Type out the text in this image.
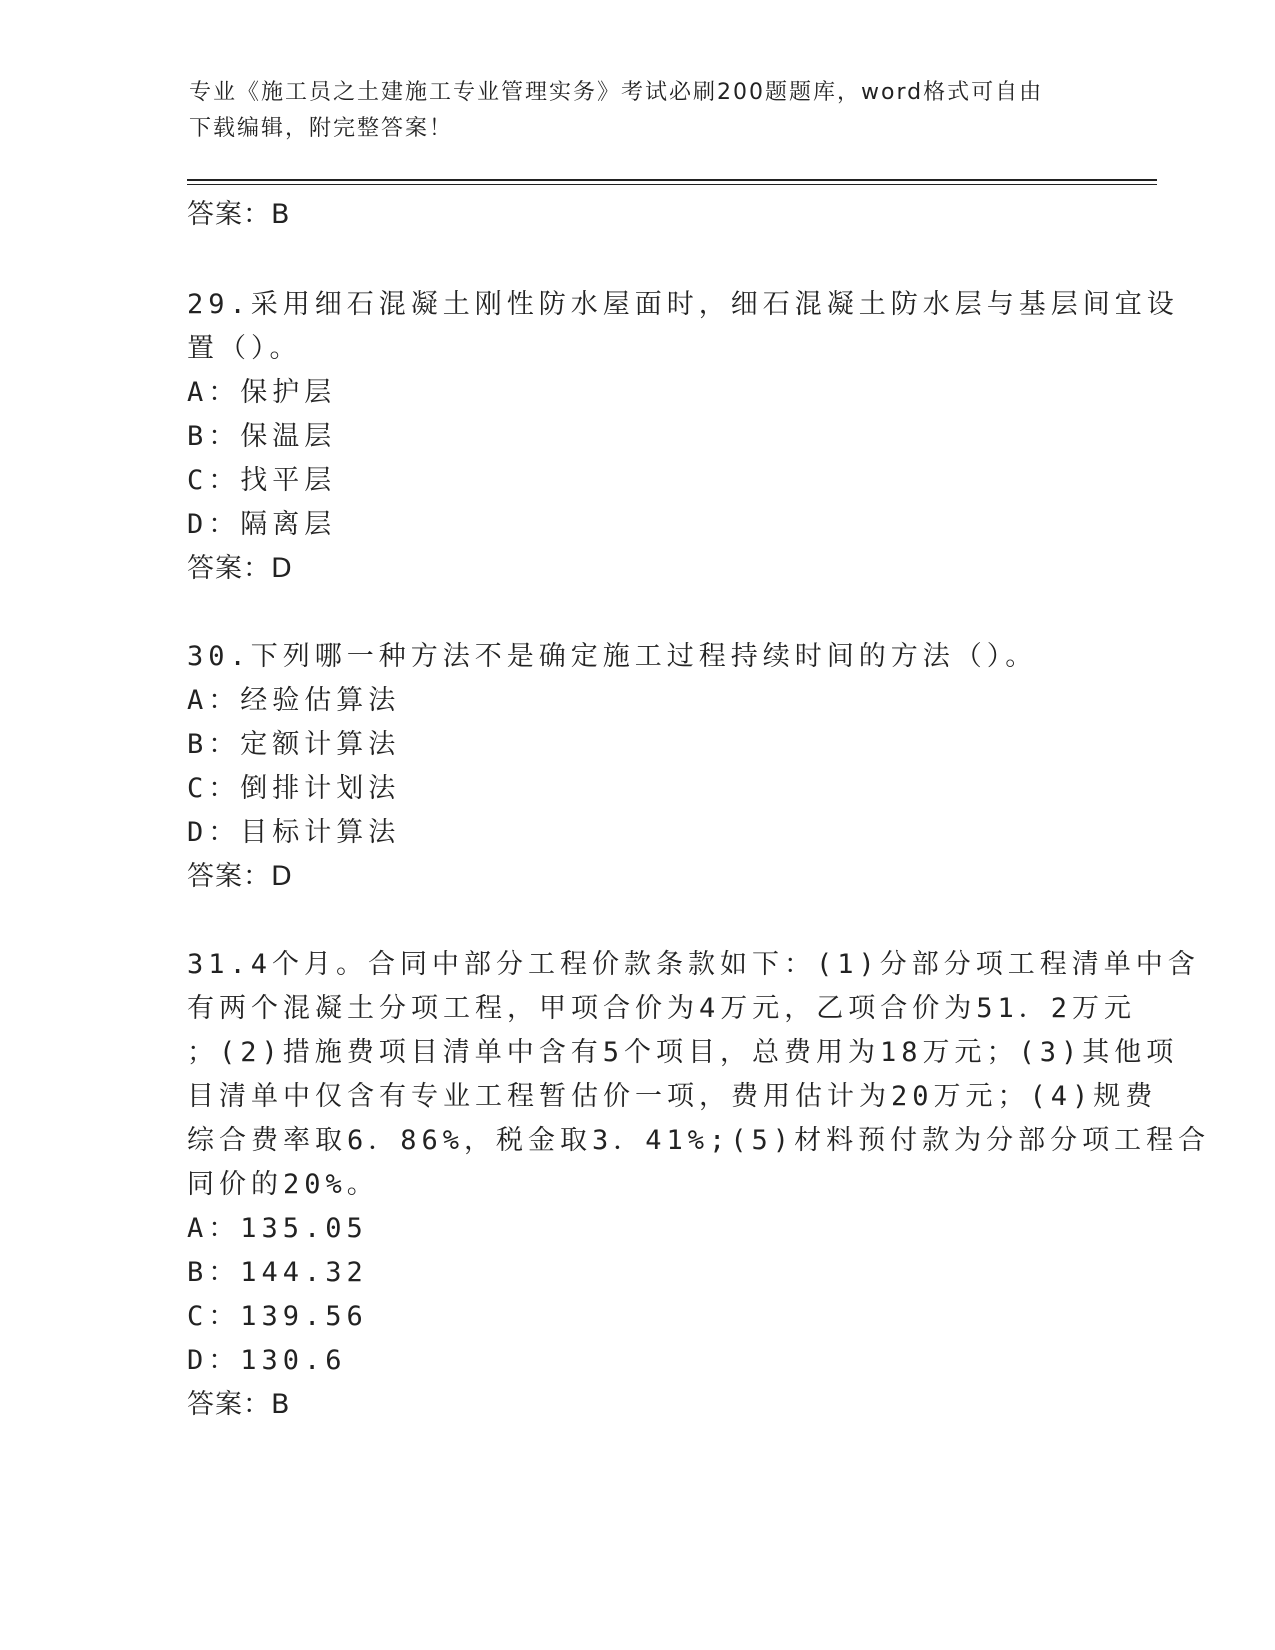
专业《施工员之土建施工专业管理实务》考试必刷200题题库，word格式可自由
下载编辑，附完整答案！
答案：B
29.采用细石混凝土刚性防水屋面时，细石混凝土防水层与基层间宜设
置（）。
A：保护层
B：保温层
C：找平层
D：隔离层
答案：D
30.下列哪一种方法不是确定施工过程持续时间的方法（）。
A：经验估算法
B：定额计算法
C：倒排计划法
D：目标计算法
答案：D
31.4个月。合同中部分工程价款条款如下：(1)分部分项工程清单中含
有两个混凝土分项工程，甲项合价为4万元，乙项合价为51．2万元
；(2)措施费项目清单中含有5个项目，总费用为18万元；(3)其他项
目清单中仅含有专业工程暂估价一项，费用估计为20万元；(4)规费
综合费率取6．86%，税金取3．41%;(5)材料预付款为分部分项工程合
同价的20%。
A：135.05
B：144.32
C：139.56
D：130.6
答案：B
